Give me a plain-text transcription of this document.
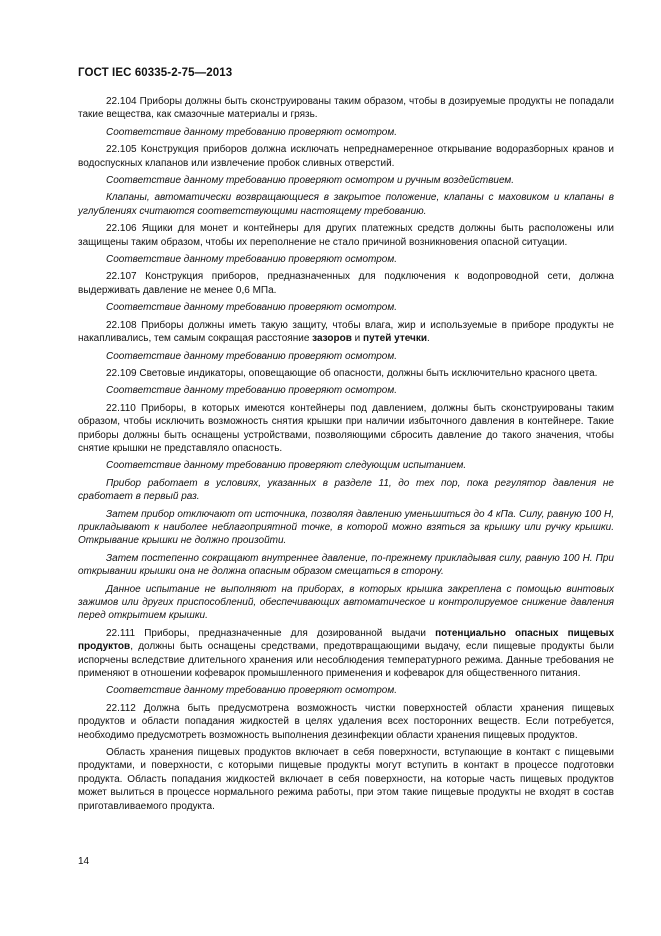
ГОСТ IEC 60335-2-75—2013

22.104 Приборы должны быть сконструированы таким образом, чтобы в дозируемые продукты не попадали такие вещества, как смазочные материалы и грязь.

Соответствие данному требованию проверяют осмотром.

22.105 Конструкция приборов должна исключать непреднамеренное открывание водоразборных кранов и водоспускных клапанов или извлечение пробок сливных отверстий.

Соответствие данному требованию проверяют осмотром и ручным воздействием.

Клапаны, автоматически возвращающиеся в закрытое положение, клапаны с маховиком и клапаны в углублениях считаются соответствующими настоящему требованию.

22.106 Ящики для монет и контейнеры для других платежных средств должны быть расположены или защищены таким образом, чтобы их переполнение не стало причиной возникновения опасной ситуации.

Соответствие данному требованию проверяют осмотром.

22.107 Конструкция приборов, предназначенных для подключения к водопроводной сети, должна выдерживать давление не менее 0,6 МПа.

Соответствие данному требованию проверяют осмотром.

22.108 Приборы должны иметь такую защиту, чтобы влага, жир и используемые в приборе продукты не накапливались, тем самым сокращая расстояние зазоров и путей утечки.

Соответствие данному требованию проверяют осмотром.

22.109 Световые индикаторы, оповещающие об опасности, должны быть исключительно красного цвета.

Соответствие данному требованию проверяют осмотром.

22.110 Приборы, в которых имеются контейнеры под давлением, должны быть сконструированы таким образом, чтобы исключить возможность снятия крышки при наличии избыточного давления в контейнере. Такие приборы должны быть оснащены устройствами, позволяющими сбросить давление до такого значения, чтобы снятие крышки не представляло опасность.

Соответствие данному требованию проверяют следующим испытанием.

Прибор работает в условиях, указанных в разделе 11, до тех пор, пока регулятор давления не сработает в первый раз.

Затем прибор отключают от источника, позволяя давлению уменьшиться до 4 кПа. Силу, равную 100 Н, прикладывают к наиболее неблагоприятной точке, в которой можно взяться за крышку или ручку крышки. Открывание крышки не должно произойти.

Затем постепенно сокращают внутреннее давление, по-прежнему прикладывая силу, равную 100 Н. При открывании крышки она не должна опасным образом смещаться в сторону.

Данное испытание не выполняют на приборах, в которых крышка закреплена с помощью винтовых зажимов или других приспособлений, обеспечивающих автоматическое и контролируемое снижение давления перед открытием крышки.

22.111 Приборы, предназначенные для дозированной выдачи потенциально опасных пищевых продуктов, должны быть оснащены средствами, предотвращающими выдачу, если пищевые продукты были испорчены вследствие длительного хранения или несоблюдения температурного режима. Данные требования не применяют в отношении кофеварок промышленного применения и кофеварок для общественного питания.

Соответствие данному требованию проверяют осмотром.

22.112 Должна быть предусмотрена возможность чистки поверхностей области хранения пищевых продуктов и области попадания жидкостей в целях удаления всех посторонних веществ. Если потребуется, необходимо предусмотреть возможность выполнения дезинфекции области хранения пищевых продуктов.

Область хранения пищевых продуктов включает в себя поверхности, вступающие в контакт с пищевыми продуктами, и поверхности, с которыми пищевые продукты могут вступить в контакт в процессе подготовки продукта. Область попадания жидкостей включает в себя поверхности, на которые часть пищевых продуктов может вылиться в процессе нормального режима работы, при этом такие пищевые продукты не входят в состав приготавливаемого продукта.

14
